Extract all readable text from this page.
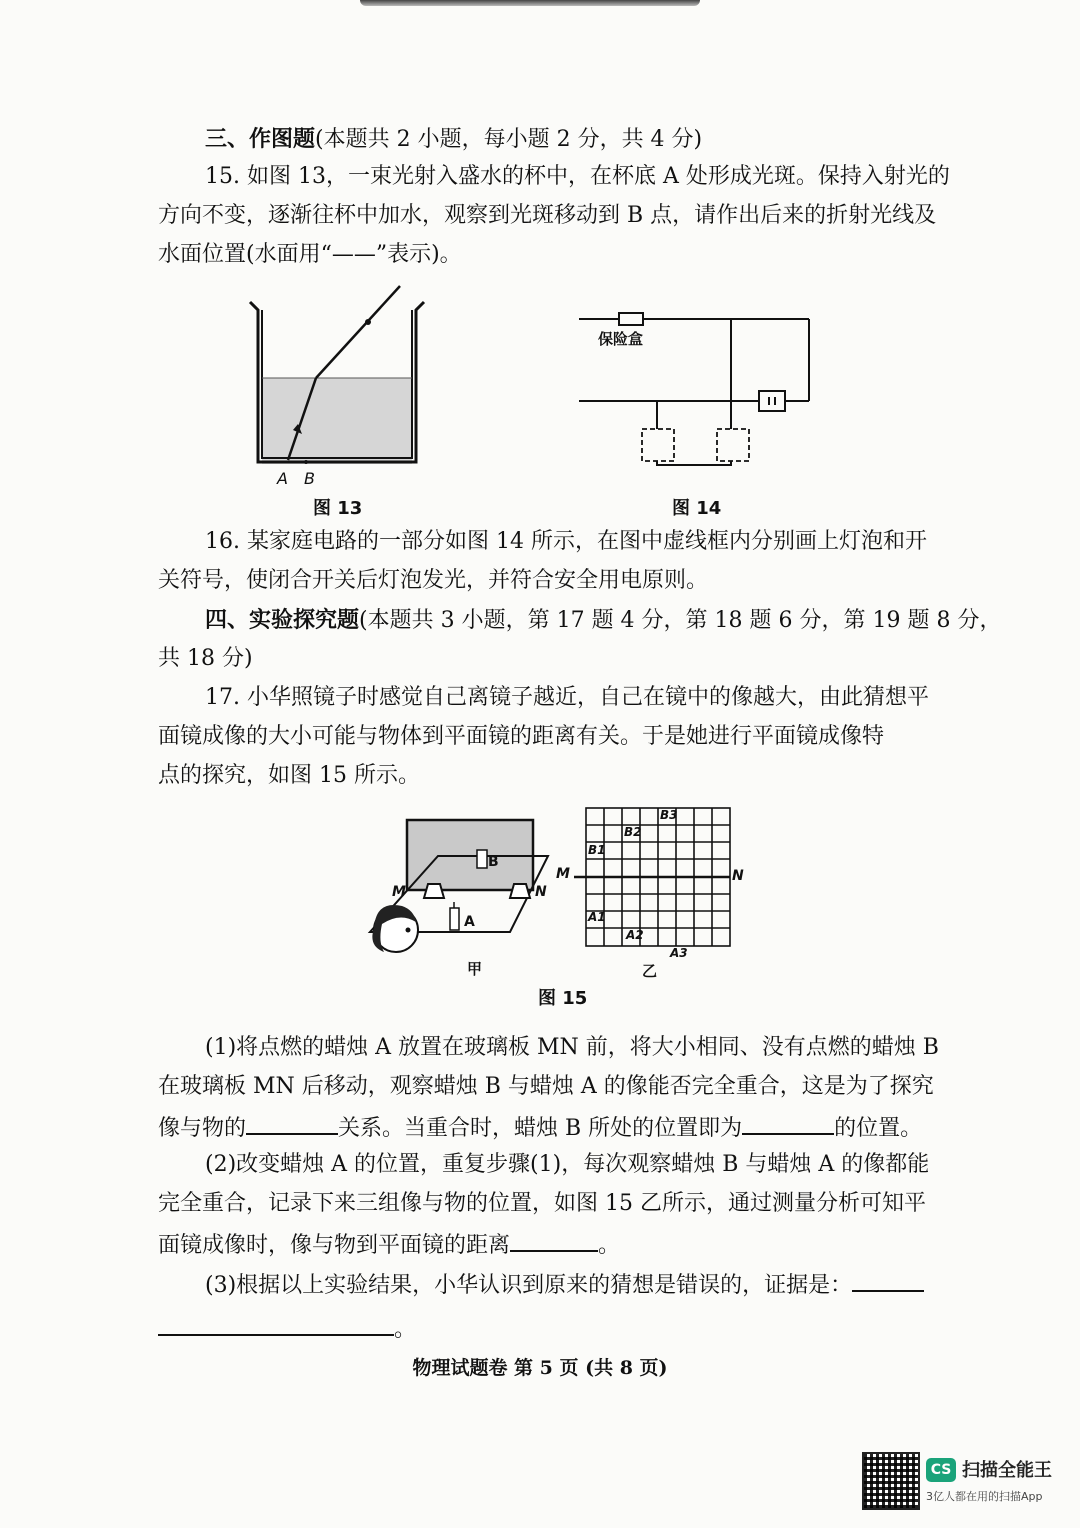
三、作图题(本题共 2 小题，每小题 2 分，共 4 分)
15. 如图 13，一束光射入盛水的杯中，在杯底 A 处形成光斑。保持入射光的
方向不变，逐渐往杯中加水，观察到光斑移动到 B 点，请作出后来的折射光线及
水面位置(水面用“——”表示)。
A B
图 13
保险盒
图 14
16. 某家庭电路的一部分如图 14 所示，在图中虚线框内分别画上灯泡和开
关符号，使闭合开关后灯泡发光，并符合安全用电原则。
四、实验探究题(本题共 3 小题，第 17 题 4 分，第 18 题 6 分，第 19 题 8 分，
共 18 分)
17. 小华照镜子时感觉自己离镜子越近，自己在镜中的像越大，由此猜想平
面镜成像的大小可能与物体到平面镜的距离有关。于是她进行平面镜成像特
点的探究，如图 15 所示。
M	N
B
A
甲
M	N
B1
B2
B3
A1
A2
A3
乙
图 15
(1)将点燃的蜡烛 A 放置在玻璃板 MN 前，将大小相同、没有点燃的蜡烛 B
在玻璃板 MN 后移动，观察蜡烛 B 与蜡烛 A 的像能否完全重合，这是为了探究
像与物的	关系。当重合时，蜡烛 B 所处的位置即为	的位置。
(2)改变蜡烛 A 的位置，重复步骤(1)，每次观察蜡烛 B 与蜡烛 A 的像都能
完全重合，记录下来三组像与物的位置，如图 15 乙所示，通过测量分析可知平
面镜成像时，像与物到平面镜的距离	。
(3)根据以上实验结果，小华认识到原来的猜想是错误的，证据是：
。
物理试题卷 第 5 页 (共 8 页)
CS 扫描全能王
3亿人都在用的扫描App
